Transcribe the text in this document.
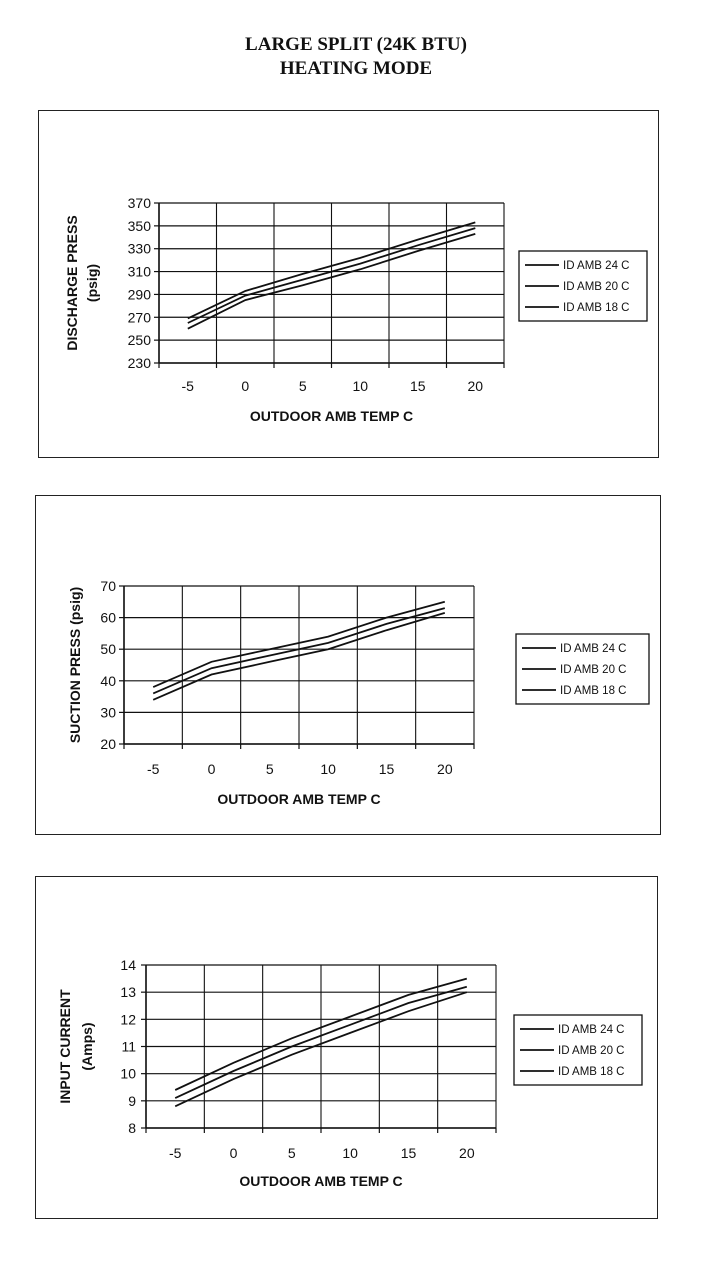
LARGE SPLIT (24K BTU)
HEATING MODE
230
250
270
290
310
330
350
370
-5	0	5	10	15	20
OUTDOOR AMB TEMP C
DISCHARGE PRESS (psig)	ID AMB 24 C
ID AMB 20 C
ID AMB 18 C
20
30
40
50
60
70
-5	0	5	10	15	20
OUTDOOR AMB TEMP C
SUCTION PRESS (psig)	ID AMB 24 C
ID AMB 20 C
ID AMB 18 C
8
9
10
11
12
13
14
-5	0	5	10	15	20
OUTDOOR AMB TEMP C
INPUT CURRENT (Amps)	ID AMB 24 C
ID AMB 20 C
ID AMB 18 C
